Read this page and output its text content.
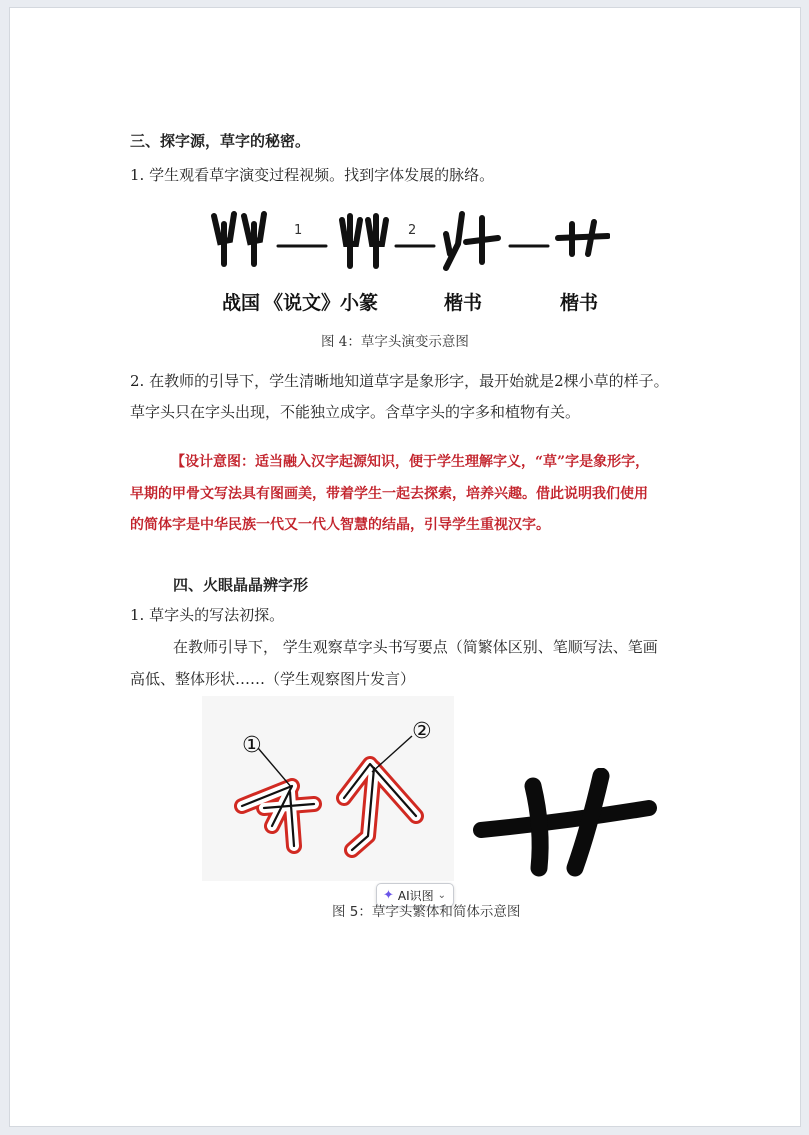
三、探字源，草字的秘密。
1. 学生观看草字演变过程视频。找到字体发展的脉络。
1	2
战国 《说文》小篆	楷书	楷书
图 4：草字头演变示意图
2. 在教师的引导下，学生清晰地知道草字是象形字，最开始就是2棵小草的样子。
草字头只在字头出现，不能独立成字。含草字头的字多和植物有关。
【设计意图：适当融入汉字起源知识，便于学生理解字义，“草”字是象形字，
早期的甲骨文写法具有图画美，带着学生一起去探索，培养兴趣。借此说明我们使用
的简体字是中华民族一代又一代人智慧的结晶，引导学生重视汉字。
四、火眼晶晶辨字形
1. 草字头的写法初探。
在教师引导下， 学生观察草字头书写要点（简繁体区别、笔顺写法、笔画
高低、整体形状……（学生观察图片发言）
①
②
✦ AI识图 ⌄
图 5：草字头繁体和简体示意图
